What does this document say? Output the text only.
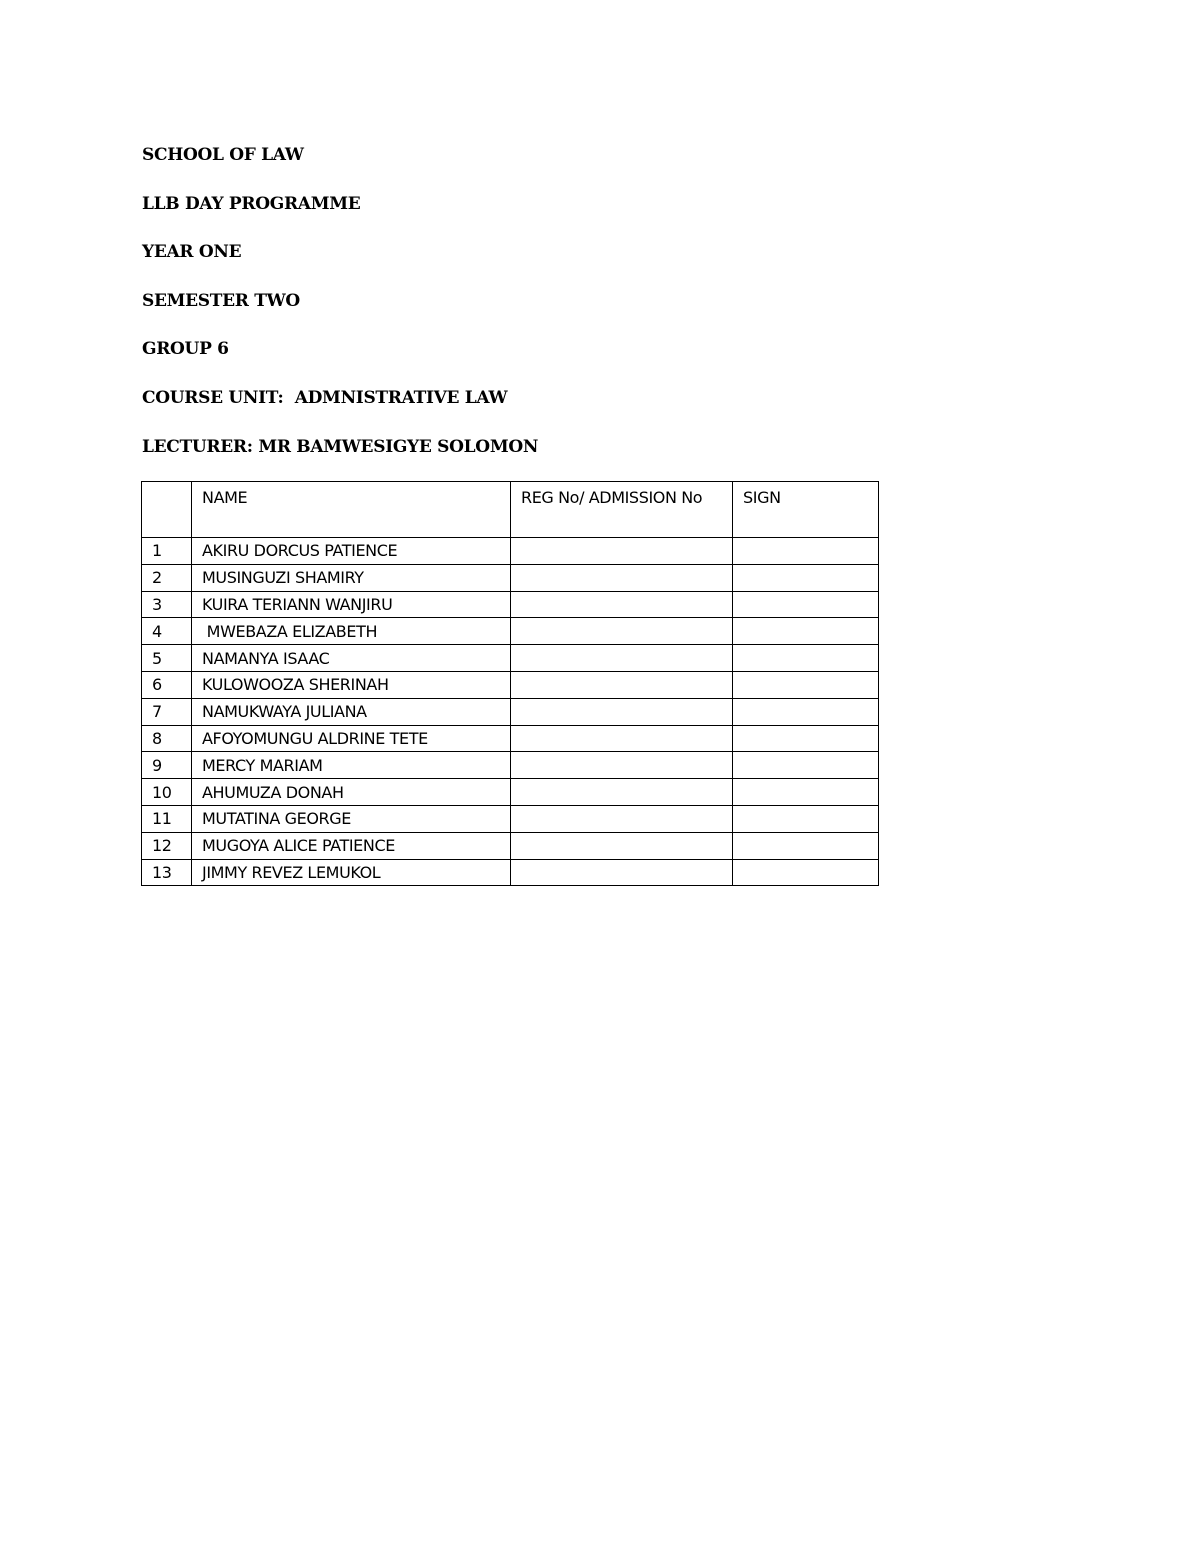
SCHOOL OF LAW
LLB DAY PROGRAMME
YEAR ONE
SEMESTER TWO
GROUP 6
COURSE UNIT:  ADMNISTRATIVE LAW
LECTURER: MR BAMWESIGYE SOLOMON
	NAME	REG No/ ADMISSION No	SIGN
1	AKIRU DORCUS PATIENCE		
2	MUSINGUZI SHAMIRY		
3	KUIRA TERIANN WANJIRU		
4	MWEBAZA ELIZABETH		
5	NAMANYA ISAAC		
6	KULOWOOZA SHERINAH		
7	NAMUKWAYA JULIANA		
8	AFOYOMUNGU ALDRINE TETE		
9	MERCY MARIAM		
10	AHUMUZA DONAH		
11	MUTATINA GEORGE		
12	MUGOYA ALICE PATIENCE		
13	JIMMY REVEZ LEMUKOL		
